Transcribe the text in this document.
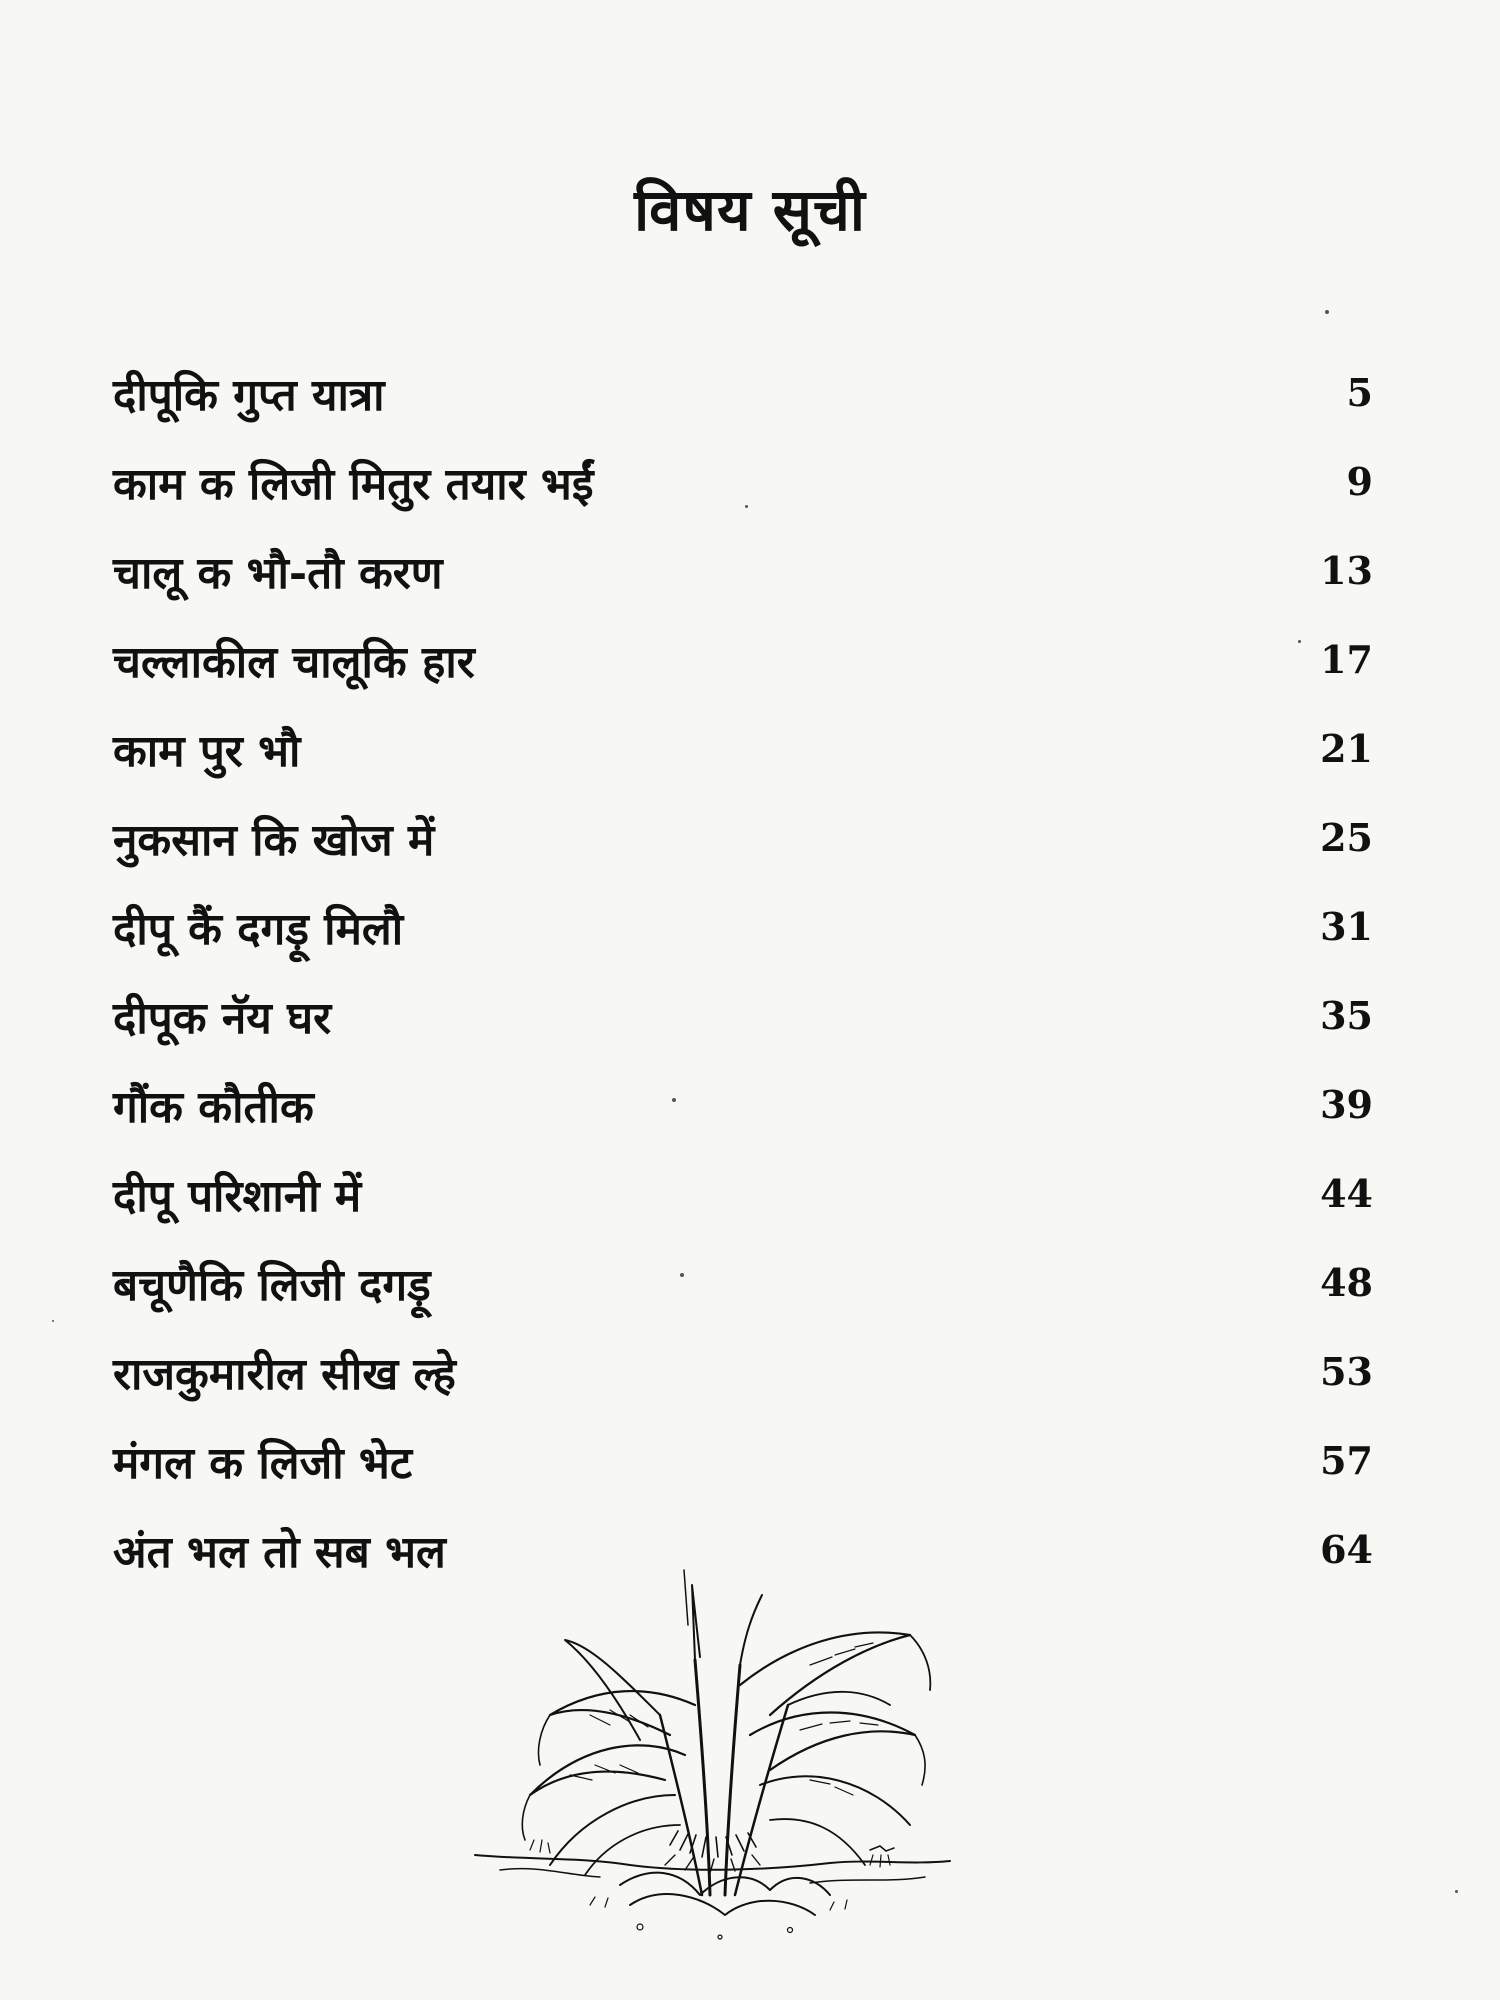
विषय सूची
दीपूकि गुप्त यात्रा	5
काम क लिजी मितुर तयार भईं	9
चालू क भौ-तौ करण	13
चल्लाकील चालूकि हार	17
काम पुर भौ	21
नुकसान कि खोज में	25
दीपू कैं दगड़ू मिलौ	31
दीपूक नॅय घर	35
गौंक कौतीक	39
दीपू परिशानी में	44
बचूणैकि लिजी दगड़ू	48
राजकुमारील सीख ल्हे	53
मंगल क लिजी भेट	57
अंत भल तो सब भल	64
